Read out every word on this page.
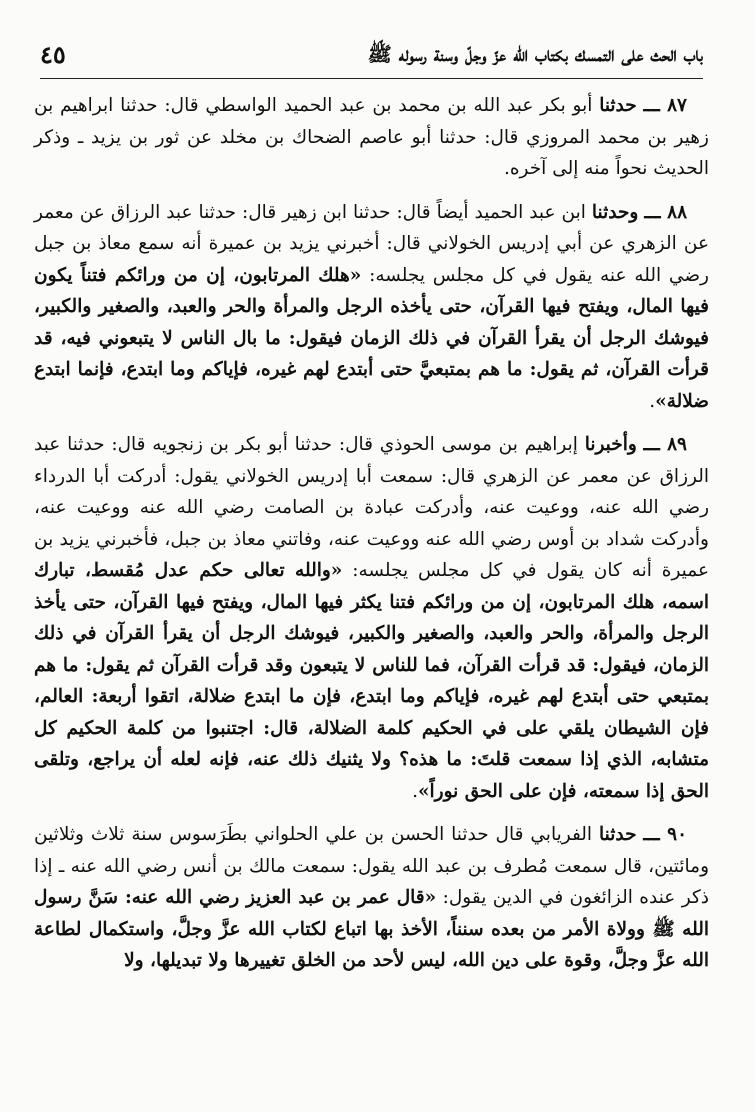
باب الحث على التمسك بكتاب الله عزّ وجلّ وسنة رسوله ﷺ
٤٥

٨٧ ـــ حدثنا أبو بكر عبد الله بن محمد بن عبد الحميد الواسطي قال: حدثنا ابراهيم بن زهير بن محمد المروزي قال: حدثنا أبو عاصم الضحاك بن مخلد عن ثور بن يزيد ـ وذكر الحديث نحواً منه إلى آخره.

٨٨ ـــ وحدثنا ابن عبد الحميد أيضاً قال: حدثنا ابن زهير قال: حدثنا عبد الرزاق عن معمر عن الزهري عن أبي إدريس الخولاني قال: أخبرني يزيد بن عميرة أنه سمع معاذ بن جبل رضي الله عنه يقول في كل مجلس يجلسه: «هلك المرتابون، إن من ورائكم فتناً يكون فيها المال، ويفتح فيها القرآن، حتى يأخذه الرجل والمرأة والحر والعبد، والصغير والكبير، فيوشك الرجل أن يقرأ القرآن في ذلك الزمان فيقول: ما بال الناس لا يتبعوني فيه، قد قرأت القرآن، ثم يقول: ما هم بمتبعيَّ حتى أبتدع لهم غيره، فإياكم وما ابتدع، فإنما ابتدع ضلالة».

٨٩ ـــ وأخبرنا إبراهيم بن موسى الحوذي قال: حدثنا أبو بكر بن زنجويه قال: حدثنا عبد الرزاق عن معمر عن الزهري قال: سمعت أبا إدريس الخولاني يقول: أدركت أبا الدرداء رضي الله عنه، ووعيت عنه، وأدركت عبادة بن الصامت رضي الله عنه ووعيت عنه، وأدركت شداد بن أوس رضي الله عنه ووعيت عنه، وفاتني معاذ بن جبل، فأخبرني يزيد بن عميرة أنه كان يقول في كل مجلس يجلسه: «والله تعالى حكم عدل مُقسط، تبارك اسمه، هلك المرتابون، إن من ورائكم فتنا يكثر فيها المال، ويفتح فيها القرآن، حتى يأخذ الرجل والمرأة، والحر والعبد، والصغير والكبير، فيوشك الرجل أن يقرأ القرآن في ذلك الزمان، فيقول: قد قرأت القرآن، فما للناس لا يتبعون وقد قرأت القرآن ثم يقول: ما هم بمتبعي حتى أبتدع لهم غيره، فإياكم وما ابتدع، فإن ما ابتدع ضلالة، اتقوا أربعة: العالم، فإن الشيطان يلقي على في الحكيم كلمة الضلالة، قال: اجتنبوا من كلمة الحكيم كل متشابه، الذي إذا سمعت قلتَ: ما هذه؟ ولا يثنيك ذلك عنه، فإنه لعله أن يراجع، وتلقى الحق إذا سمعته، فإن على الحق نوراً».

٩٠ ـــ حدثنا الفريابي قال حدثنا الحسن بن علي الحلواني بطَرَسوس سنة ثلاث وثلاثين ومائتين، قال سمعت مُطرف بن عبد الله يقول: سمعت مالك بن أنس رضي الله عنه ـ إذا ذكر عنده الزائغون في الدين يقول: «قال عمر بن عبد العزيز رضي الله عنه: سَنَّ رسول الله ﷺ وولاة الأمر من بعده سنناً، الأخذ بها اتباع لكتاب الله عزَّ وجلَّ، واستكمال لطاعة الله عزَّ وجلَّ، وقوة على دين الله، ليس لأحد من الخلق تغييرها ولا تبديلها، ولا
